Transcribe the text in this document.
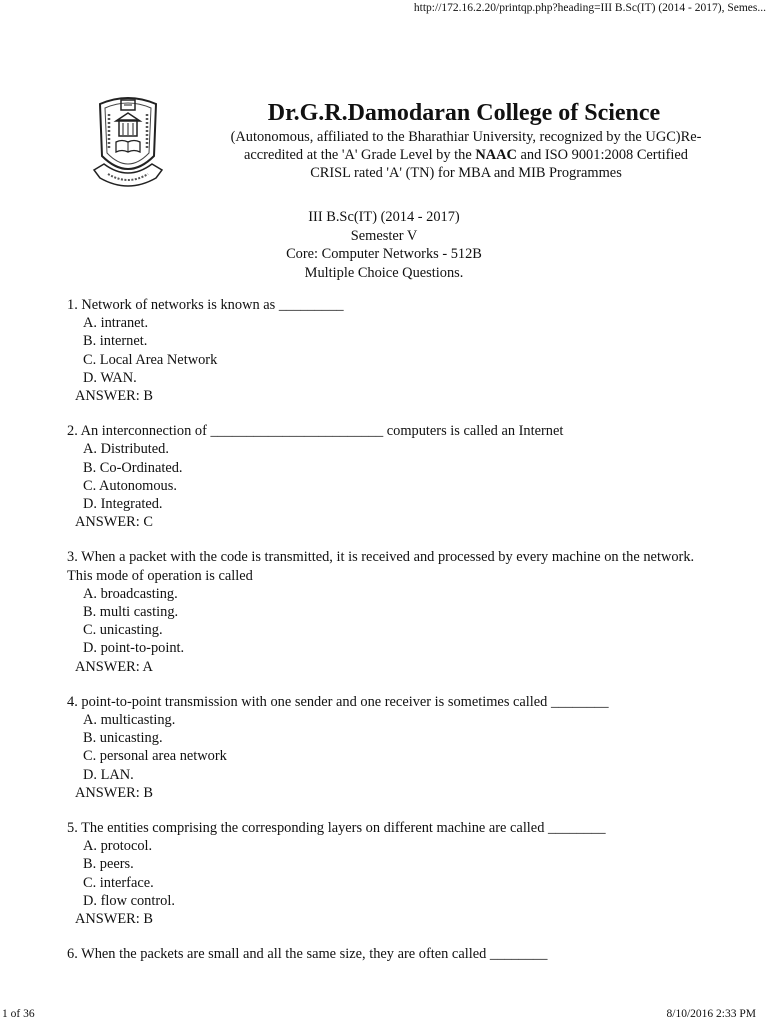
http://172.16.2.20/printqp.php?heading=III B.Sc(IT) (2014 - 2017), Semes...
Dr.G.R.Damodaran College of Science
(Autonomous, affiliated to the Bharathiar University, recognized by the UGC)Re-
accredited at the 'A' Grade Level by the NAAC and ISO 9001:2008 Certified
CRISL rated 'A' (TN) for MBA and MIB Programmes
III B.Sc(IT) (2014 - 2017)
Semester V
Core: Computer Networks - 512B
Multiple Choice Questions.
1. Network of networks is known as _________
A. intranet.
B. internet.
C. Local Area Network
D. WAN.
ANSWER: B
2. An interconnection of ________________________ computers is called an Internet
A. Distributed.
B. Co-Ordinated.
C. Autonomous.
D. Integrated.
ANSWER: C
3. When a packet with the code is transmitted, it is received and processed by every machine on the network. This mode of operation is called
A. broadcasting.
B. multi casting.
C. unicasting.
D. point-to-point.
ANSWER: A
4. point-to-point transmission with one sender and one receiver is sometimes called ________
A. multicasting.
B. unicasting.
C. personal area network
D. LAN.
ANSWER: B
5. The entities comprising the corresponding layers on different machine are called ________
A. protocol.
B. peers.
C. interface.
D. flow control.
ANSWER: B
6. When the packets are small and all the same size, they are often called ________
1 of 36	8/10/2016 2:33 PM
